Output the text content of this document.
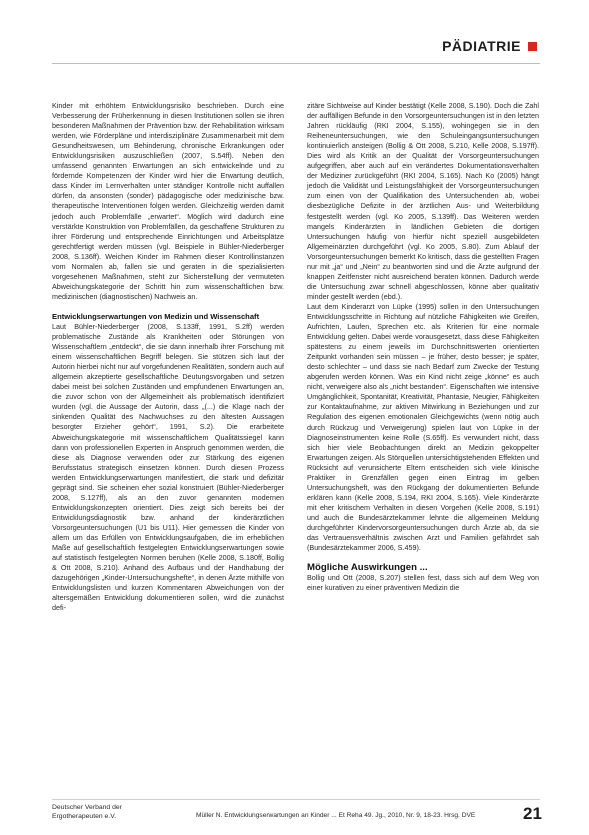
PÄDIATRIE

Kinder mit erhöhtem Entwicklungsrisiko beschrieben. Durch eine Verbesserung der Früherkennung in diesen Institutionen sollen sie ihren besonderen Maßnahmen der Prävention bzw. der Rehabilitation wirksam werden, wie Förderpläne und interdisziplinäre Zusammenarbeit mit dem Gesundheitswesen, um Behinderung, chronische Erkrankungen oder Entwicklungsrisiken auszuschließen (2007, S.54ff). Neben den umfassend genannten Erwartungen an sich entwickelnde und zu fördernde Kompetenzen der Kinder wird hier die Erwartung deutlich, dass Kinder im Lernverhalten unter ständiger Kontrolle nicht auffallen dürfen, da ansonsten (sonder) pädagogische oder medizinische bzw. therapeutische Interventionen folgen werden. Gleichzeitig werden damit jedoch auch Problemfälle „erwartet“. Möglich wird dadurch eine verstärkte Konstruktion von Problemfällen, da geschaffene Strukturen zu ihrer Förderung und entsprechende Einrichtungen und Arbeitsplätze gerechtfertigt werden müssen (vgl. Beispiele in Bühler-Niederberger 2008, S.136ff). Weichen Kinder im Rahmen dieser Kontrollinstanzen vom Normalen ab, fallen sie und geraten in die spezialisierten vorgesehenen Maßnahmen, steht zur Sicherstellung der vermuteten Abweichungskategorie der Schritt hin zum wissenschaftlichen bzw. medizinischen (diagnostischen) Nachweis an.

Entwicklungserwartungen von Medizin und Wissenschaft

Laut Bühler-Niederberger (2008, S.133ff, 1991, S.2ff) werden problematische Zustände als Krankheiten oder Störungen von Wissenschaftlern „entdeckt“, die sie dann innerhalb ihrer Forschung mit einem wissenschaftlichen Begriff belegen. Sie stützen sich laut der Autorin hierbei nicht nur auf vorgefundenen Realitäten, sondern auch auf allgemein akzeptierte gesellschaftliche Deutungsvorgaben und setzen dabei meist bei solchen Zuständen und empfundenen Erwartungen an, die zuvor schon von der Allgemeinheit als problematisch identifiziert wurden (vgl. die Aussage der Autorin, dass „(...) die Klage nach der sinkenden Qualität des Nachwuchses zu den ältesten Aussagen besorgter Erzieher gehört“, 1991, S.2). Die erarbeitete Abweichungskategorie mit wissenschaftlichem Qualitätssiegel kann dann von professionellen Experten in Anspruch genommen werden, die diese als Diagnose verwenden oder zur Stärkung des eigenen Berufsstatus strategisch einsetzen können. Durch diesen Prozess werden Entwicklungserwartungen manifestiert, die stark und defizitär geprägt sind. Sie scheinen eher sozial konstruiert (Bühler-Niederberger 2008, S.127ff), als an den zuvor genannten modernen Entwicklungskonzepten orientiert. Dies zeigt sich bereits bei der Entwicklungsdiagnostik bzw. anhand der kinderärztlichen Vorsorgeuntersuchungen (U1 bis U11). Hier gemessen die Kinder von allem um das Erfüllen von Entwicklungsaufgaben, die im erheblichen Maße auf gesellschaftlich festgelegten Entwicklungserwartungen sowie auf statistisch festgelegten Normen beruhen (Kelle 2008, S.180ff, Bollig & Ott 2008, S.210). Anhand des Aufbaus und der Handhabung der dazugehörigen „Kinder-Untersuchungshefte“, in denen Ärzte mithilfe von Entwicklungslisten und kurzen Kommentaren Abweichungen von der altersgemäßen Entwicklung dokumentieren sollen, wird die zunächst defi-

zitäre Sichtweise auf Kinder bestätigt (Kelle 2008, S.190). Doch die Zahl der auffälligen Befunde in den Vorsorgeuntersuchungen ist in den letzten Jahren rückläufig (RKI 2004, S.155), wohingegen sie in den Reiheneuntersuchungen, wie den Schuleingangsuntersuchungen kontinuierlich ansteigen (Bollig & Ott 2008, S.210, Kelle 2008, S.197ff). Dies wird als Kritik an der Qualität der Vorsorgeuntersuchungen aufgegriffen, aber auch auf ein verändertes Dokumentationsverhalten der Mediziner zurückgeführt (RKI 2004, S.165). Nach Ko (2005) hängt jedoch die Validität und Leistungsfähigkeit der Vorsorgeuntersuchungen zum einen von der Qualifikation des Untersuchenden ab, wobei diesbezügliche Defizite in der ärztlichen Aus- und Weiterbildung festgestellt werden (vgl. Ko 2005, S.139ff). Das Weiteren werden mangels Kinderärzten in ländlichen Gebieten die dortigen Untersuchungen häufig von hierfür nicht speziell ausgebildeten Allgemeinärzten durchgeführt (vgl. Ko 2005, S.80). Zum Ablauf der Vorsorgeuntersuchungen bemerkt Ko kritisch, dass die gestellten Fragen nur mit „ja“ und „Nein“ zu beantworten sind und die Ärzte aufgrund der knappen Zeitfenster nicht ausreichend beraten können. Dadurch werde die Untersuchung zwar schnell abgeschlossen, könne aber qualitativ minder gestellt werden (ebd.).

Laut dem Kinderarzt von Lüpke (1995) sollen in den Untersuchungen Entwicklungsschritte in Richtung auf nützliche Fähigkeiten wie Greifen, Aufrichten, Laufen, Sprechen etc. als Kriterien für eine normale Entwicklung gelten. Dabei werde vorausgesetzt, dass diese Fähigkeiten spätestens zu einem jeweils im Durchschnittswerten orientierten Zeitpunkt vorhanden sein müssen – je früher, desto besser; je später, desto schlechter – und dass sie nach Bedarf zum Zwecke der Testung abgerufen werden können. Was ein Kind nicht zeige „könne“ es auch nicht, verweigere also als „nicht bestanden“. Eigenschaften wie intensive Umgänglichkeit, Spontanität, Kreativität, Phantasie, Neugier, Fähigkeiten zur Kontaktaufnahme, zur aktiven Mitwirkung in Beziehungen und zur Regulation des eigenen emotionalen Gleichgewichts (wenn nötig auch durch Rückzug und Verweigerung) spielen laut von Lüpke in der Diagnoseinstrumenten keine Rolle (S.65ff). Es verwundert nicht, dass sich hier viele Beobachtungen direkt an Medizin gekoppelter Erwartungen zeigen. Als Störquellen untersichtigstehenden Effekten und Rücksicht auf verunsicherte Eltern entscheiden sich viele klinische Praktiker in Grenzfällen gegen einen Eintrag im gelben Untersuchungsheft, was den Rückgang der dokumentierten Befunde erklären kann (Kelle 2008, S.194, RKI 2004, S.165). Viele Kinderärzte mit eher kritischem Verhalten in diesen Vorgehen (Kelle 2008, S.191) und auch die Bundesärztekammer lehnte die allgemeinen Meldung durchgeführter Kindervorsorgeuntersuchungen durch Ärzte ab, da sie das Vertrauensverhältnis zwischen Arzt und Familien gefährdet sah (Bundesärztekammer 2006, S.459).

Mögliche Auswirkungen ...

Bollig und Ott (2008, S.207) stellen fest, dass sich auf dem Weg von einer kurativen zu einer präventiven Medizin die

Deutscher Verband der
Ergotherapeuten e.V.	Müller N. Entwicklungserwartungen an Kinder ... Et Reha 49. Jg., 2010, Nr. 9, 18-23. Hrsg. DVE	21
